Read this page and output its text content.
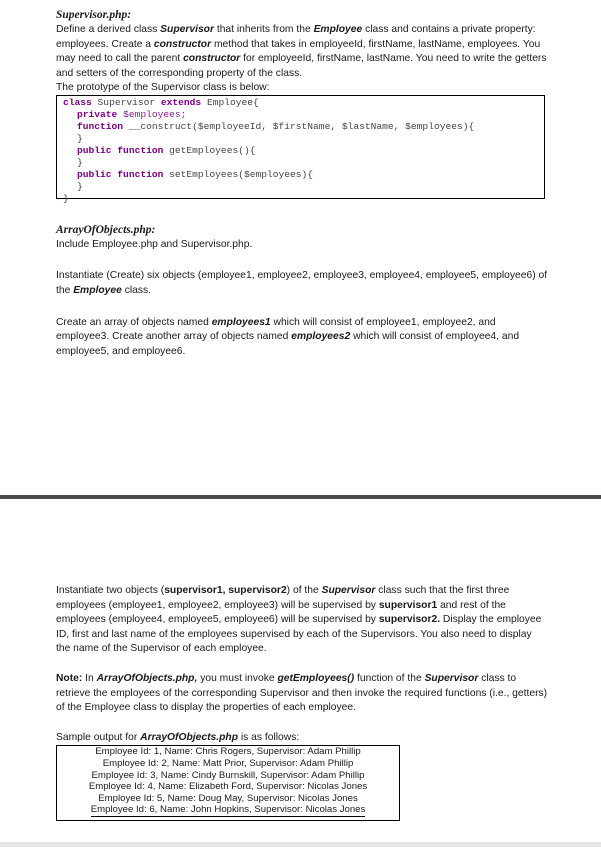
Supervisor.php:

Define a derived class Supervisor that inherits from the Employee class and contains a private property: employees. Create a constructor method that takes in employeeId, firstName, lastName, employees. You may need to call the parent constructor for employeeId, firstName, lastName. You need to write the getters and setters of the corresponding property of the class.

The prototype of the Supervisor class is below:
class Supervisor extends Employee{
private $employees;
function __construct($employeeId, $firstName, $lastName, $employees){
}
public function getEmployees(){
}
public function setEmployees($employees){
}
}
ArrayOfObjects.php:

Include Employee.php and Supervisor.php.

Instantiate (Create) six objects (employee1, employee2, employee3, employee4, employee5, employee6) of the Employee class.

Create an array of objects named employees1 which will consist of employee1, employee2, and employee3. Create another array of objects named employees2 which will consist of employee4, and employee5, and employee6.

Instantiate two objects (supervisor1, supervisor2) of the Supervisor class such that the first three employees (employee1, employee2, employee3) will be supervised by supervisor1 and rest of the employees (employee4, employee5, employee6) will be supervised by supervisor2. Display the employee ID, first and last name of the employees supervised by each of the Supervisors. You also need to display the name of the Supervisor of each employee.

Note: In ArrayOfObjects.php, you must invoke getEmployees() function of the Supervisor class to retrieve the employees of the corresponding Supervisor and then invoke the required functions (i.e., getters) of the Employee class to display the properties of each employee.

Sample output for ArrayOfObjects.php is as follows:

Employee Id: 1, Name: Chris Rogers, Supervisor: Adam Phillip
Employee Id: 2, Name: Matt Prior, Supervisor: Adam Phillip
Employee Id: 3, Name: Cindy Burnskill, Supervisor: Adam Phillip
Employee Id: 4, Name: Elizabeth Ford, Supervisor: Nicolas Jones
Employee Id: 5, Name: Doug May, Supervisor: Nicolas Jones
Employee Id: 6, Name: John Hopkins, Supervisor: Nicolas Jones
